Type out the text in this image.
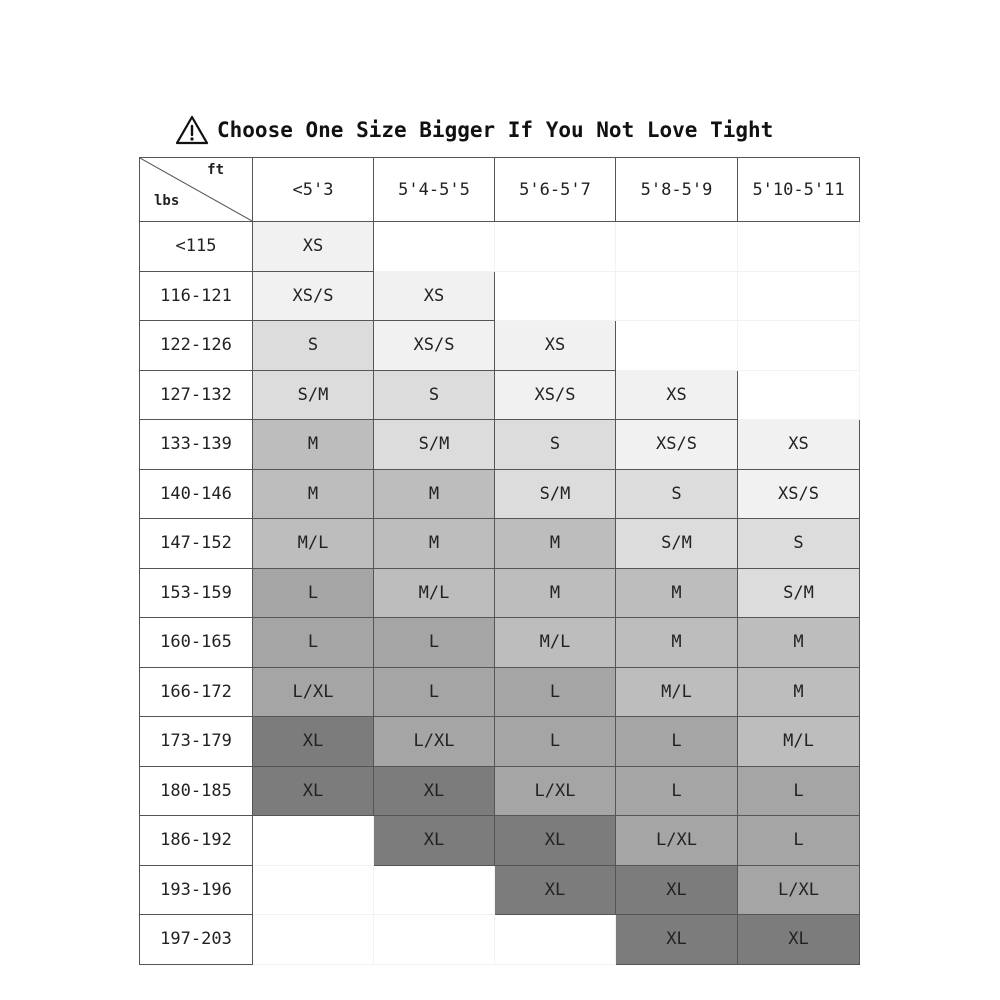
Choose One Size Bigger If You Not Love Tight
ft
lbs	<5'3	5'4-5'5	5'6-5'7	5'8-5'9	5'10-5'11
<115	XS				
116-121	XS/S	XS			
122-126	S	XS/S	XS		
127-132	S/M	S	XS/S	XS	
133-139	M	S/M	S	XS/S	XS
140-146	M	M	S/M	S	XS/S
147-152	M/L	M	M	S/M	S
153-159	L	M/L	M	M	S/M
160-165	L	L	M/L	M	M
166-172	L/XL	L	L	M/L	M
173-179	XL	L/XL	L	L	M/L
180-185	XL	XL	L/XL	L	L
186-192		XL	XL	L/XL	L
193-196			XL	XL	L/XL
197-203				XL	XL
